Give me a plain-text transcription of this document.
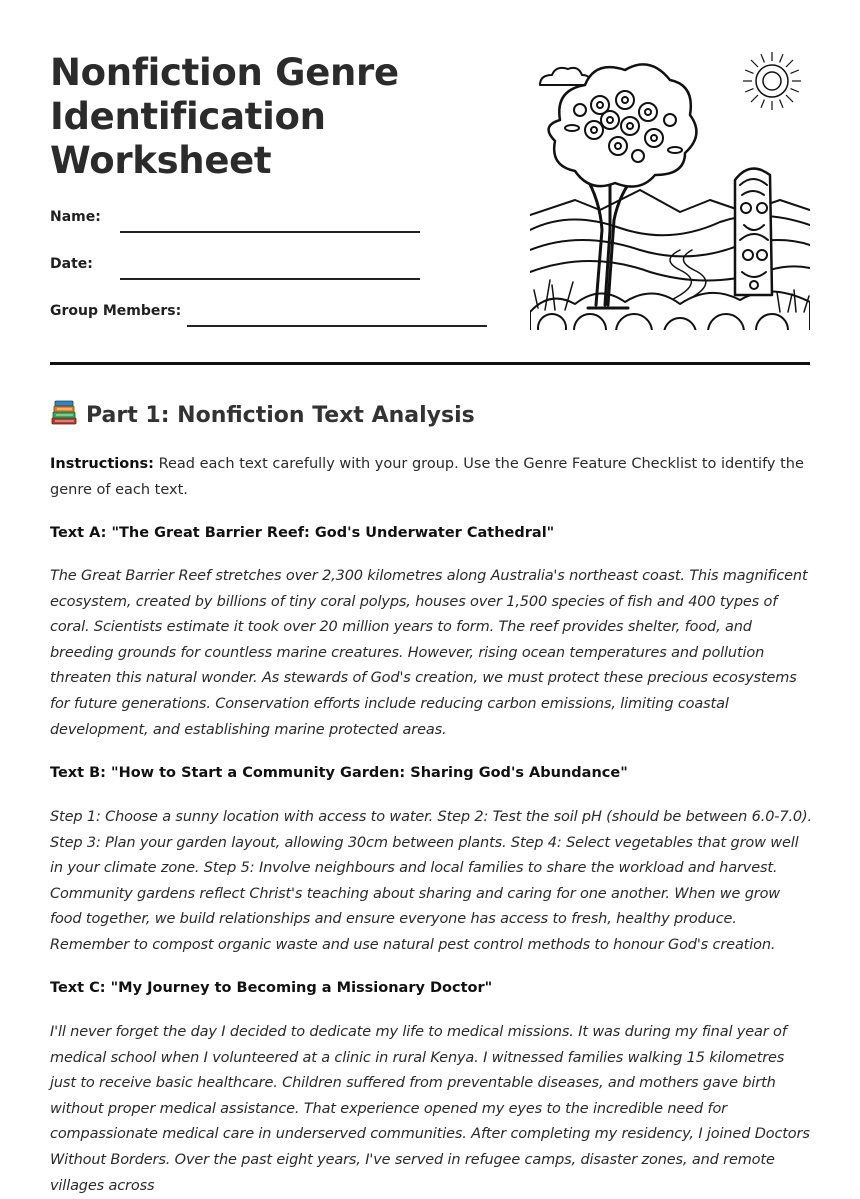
Nonfiction Genre Identification Worksheet
Name:
Date:
Group Members:
Part 1: Nonfiction Text Analysis

Instructions: Read each text carefully with your group. Use the Genre Feature Checklist to identify the genre of each text.

Text A: "The Great Barrier Reef: God's Underwater Cathedral"

The Great Barrier Reef stretches over 2,300 kilometres along Australia's northeast coast. This magnificent ecosystem, created by billions of tiny coral polyps, houses over 1,500 species of fish and 400 types of coral. Scientists estimate it took over 20 million years to form. The reef provides shelter, food, and breeding grounds for countless marine creatures. However, rising ocean temperatures and pollution threaten this natural wonder. As stewards of God's creation, we must protect these precious ecosystems for future generations. Conservation efforts include reducing carbon emissions, limiting coastal development, and establishing marine protected areas.

Text B: "How to Start a Community Garden: Sharing God's Abundance"

Step 1: Choose a sunny location with access to water. Step 2: Test the soil pH (should be between 6.0-7.0). Step 3: Plan your garden layout, allowing 30cm between plants. Step 4: Select vegetables that grow well in your climate zone. Step 5: Involve neighbours and local families to share the workload and harvest. Community gardens reflect Christ's teaching about sharing and caring for one another. When we grow food together, we build relationships and ensure everyone has access to fresh, healthy produce. Remember to compost organic waste and use natural pest control methods to honour God's creation.

Text C: "My Journey to Becoming a Missionary Doctor"

I'll never forget the day I decided to dedicate my life to medical missions. It was during my final year of medical school when I volunteered at a clinic in rural Kenya. I witnessed families walking 15 kilometres just to receive basic healthcare. Children suffered from preventable diseases, and mothers gave birth without proper medical assistance. That experience opened my eyes to the incredible need for compassionate medical care in underserved communities. After completing my residency, I joined Doctors Without Borders. Over the past eight years, I've served in refugee camps, disaster zones, and remote villages across
